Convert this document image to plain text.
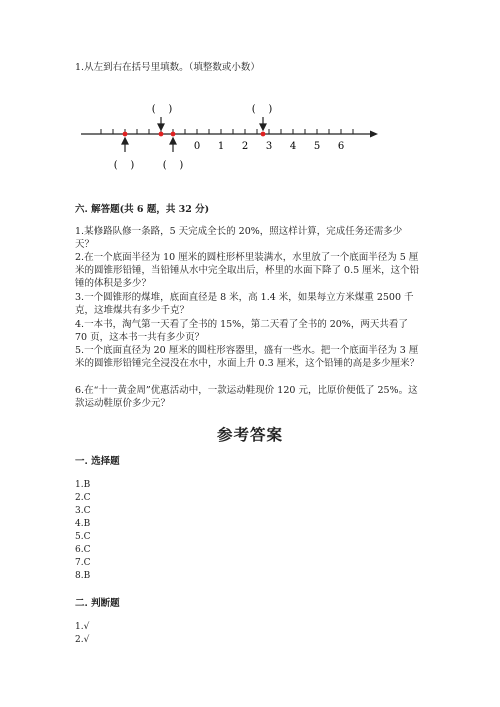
1.从左到右在括号里填数。（填整数或小数）
0 1 2 3 4 5 6
(    )	(    )
(    )	(    )
六. 解答题(共 6 题，共 32 分)
1.某修路队修一条路，5 天完成全长的 20%，照这样计算，完成任务还需多少天？
2.在一个底面半径为 10 厘米的圆柱形杯里装满水，水里放了一个底面半径为 5 厘米的圆锥形铅锤，当铅锤从水中完全取出后，杯里的水面下降了 0.5 厘米，这个铅锤的体积是多少？
3.一个圆锥形的煤堆，底面直径是 8 米，高 1.4 米，如果每立方米煤重 2500 千克，这堆煤共有多少千克？
4.一本书，淘气第一天看了全书的 15%，第二天看了全书的 20%，两天共看了 70 页，这本书一共有多少页？
5.一个底面直径为 20 厘米的圆柱形容器里，盛有一些水。把一个底面半径为 3 厘米的圆锥形铅锤完全浸没在水中，水面上升 0.3 厘米，这个铅锤的高是多少厘米？
6.在“十一黄金周”优惠活动中，一款运动鞋现价 120 元，比原价便低了 25%。这款运动鞋原价多少元？
参考答案
一. 选择题
1.B
2.C
3.C
4.B
5.C
6.C
7.C
8.B
二. 判断题
1.√
2.√
